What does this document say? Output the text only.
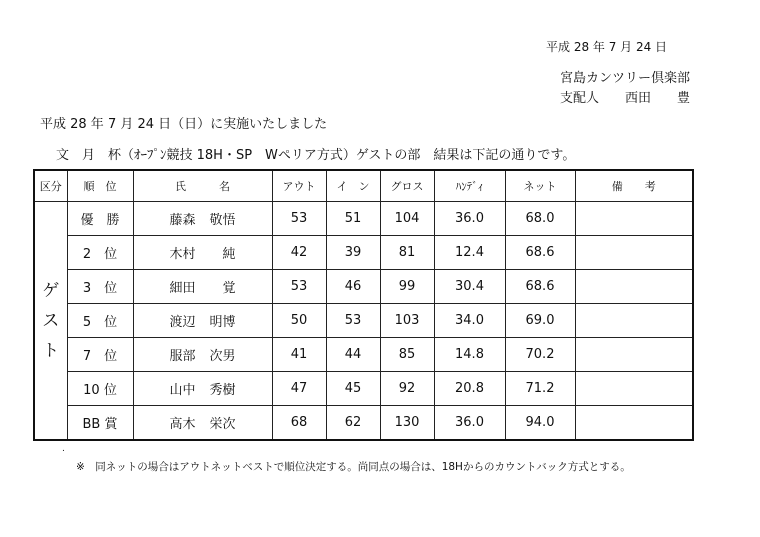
平成 28 年 7 月 24 日
宮島カンツリー倶楽部
支配人 西田　　豊
平成 28 年 7 月 24 日（日）に実施いたしました
文　月　杯（ｵｰﾌﾟﾝ競技 18H・SP　Wペリア方式）ゲストの部　結果は下記の通りです。
区分	順　位	氏　　　名	アウト	イ　ン	グロス	ﾊﾝﾃﾞｨ	ネット	備　　考

ゲ
ス
ト	優　勝	藤森 敬悟	53	51	104	36.0	68.0	
	2　位	木村　純	42	39	81	12.4	68.6	
	3　位	細田　覚	53	46	99	30.4	68.6	
	5　位	渡辺 明博	50	53	103	34.0	69.0	
	7　位	服部 次男	41	44	85	14.8	70.2	
	10 位	山中 秀樹	47	45	92	20.8	71.2	
	BB 賞	高木 栄次	68	62	130	36.0	94.0	
.
※　同ネットの場合はアウトネットベストで順位決定する。尚同点の場合は、18Hからのカウントバック方式とする。
